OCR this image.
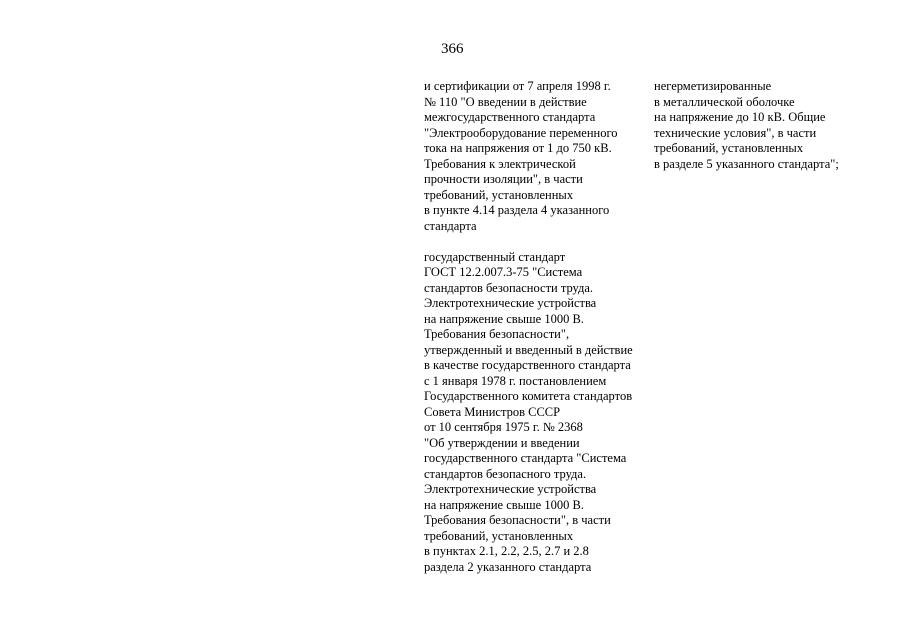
366
и сертификации от 7 апреля 1998 г.
№ 110 "О введении в действие
межгосударственного стандарта
"Электрооборудование переменного
тока на напряжения от 1 до 750 кВ.
Требования к электрической
прочности изоляции", в части
требований, установленных
в пункте 4.14 раздела 4 указанного
стандарта
государственный стандарт
ГОСТ 12.2.007.3-75 "Система
стандартов безопасности труда.
Электротехнические устройства
на напряжение свыше 1000 В.
Требования безопасности",
утвержденный и введенный в действие
в качестве государственного стандарта
с 1 января 1978 г. постановлением
Государственного комитета стандартов
Совета Министров СССР
от 10 сентября 1975 г. № 2368
"Об утверждении и введении
государственного стандарта "Система
стандартов безопасного труда.
Электротехнические устройства
на напряжение свыше 1000 В.
Требования безопасности", в части
требований, установленных
в пунктах 2.1, 2.2, 2.5, 2.7 и 2.8
раздела 2 указанного стандарта
негерметизированные
в металлической оболочке
на напряжение до 10 кВ. Общие
технические условия", в части
требований, установленных
в разделе 5 указанного стандарта";
